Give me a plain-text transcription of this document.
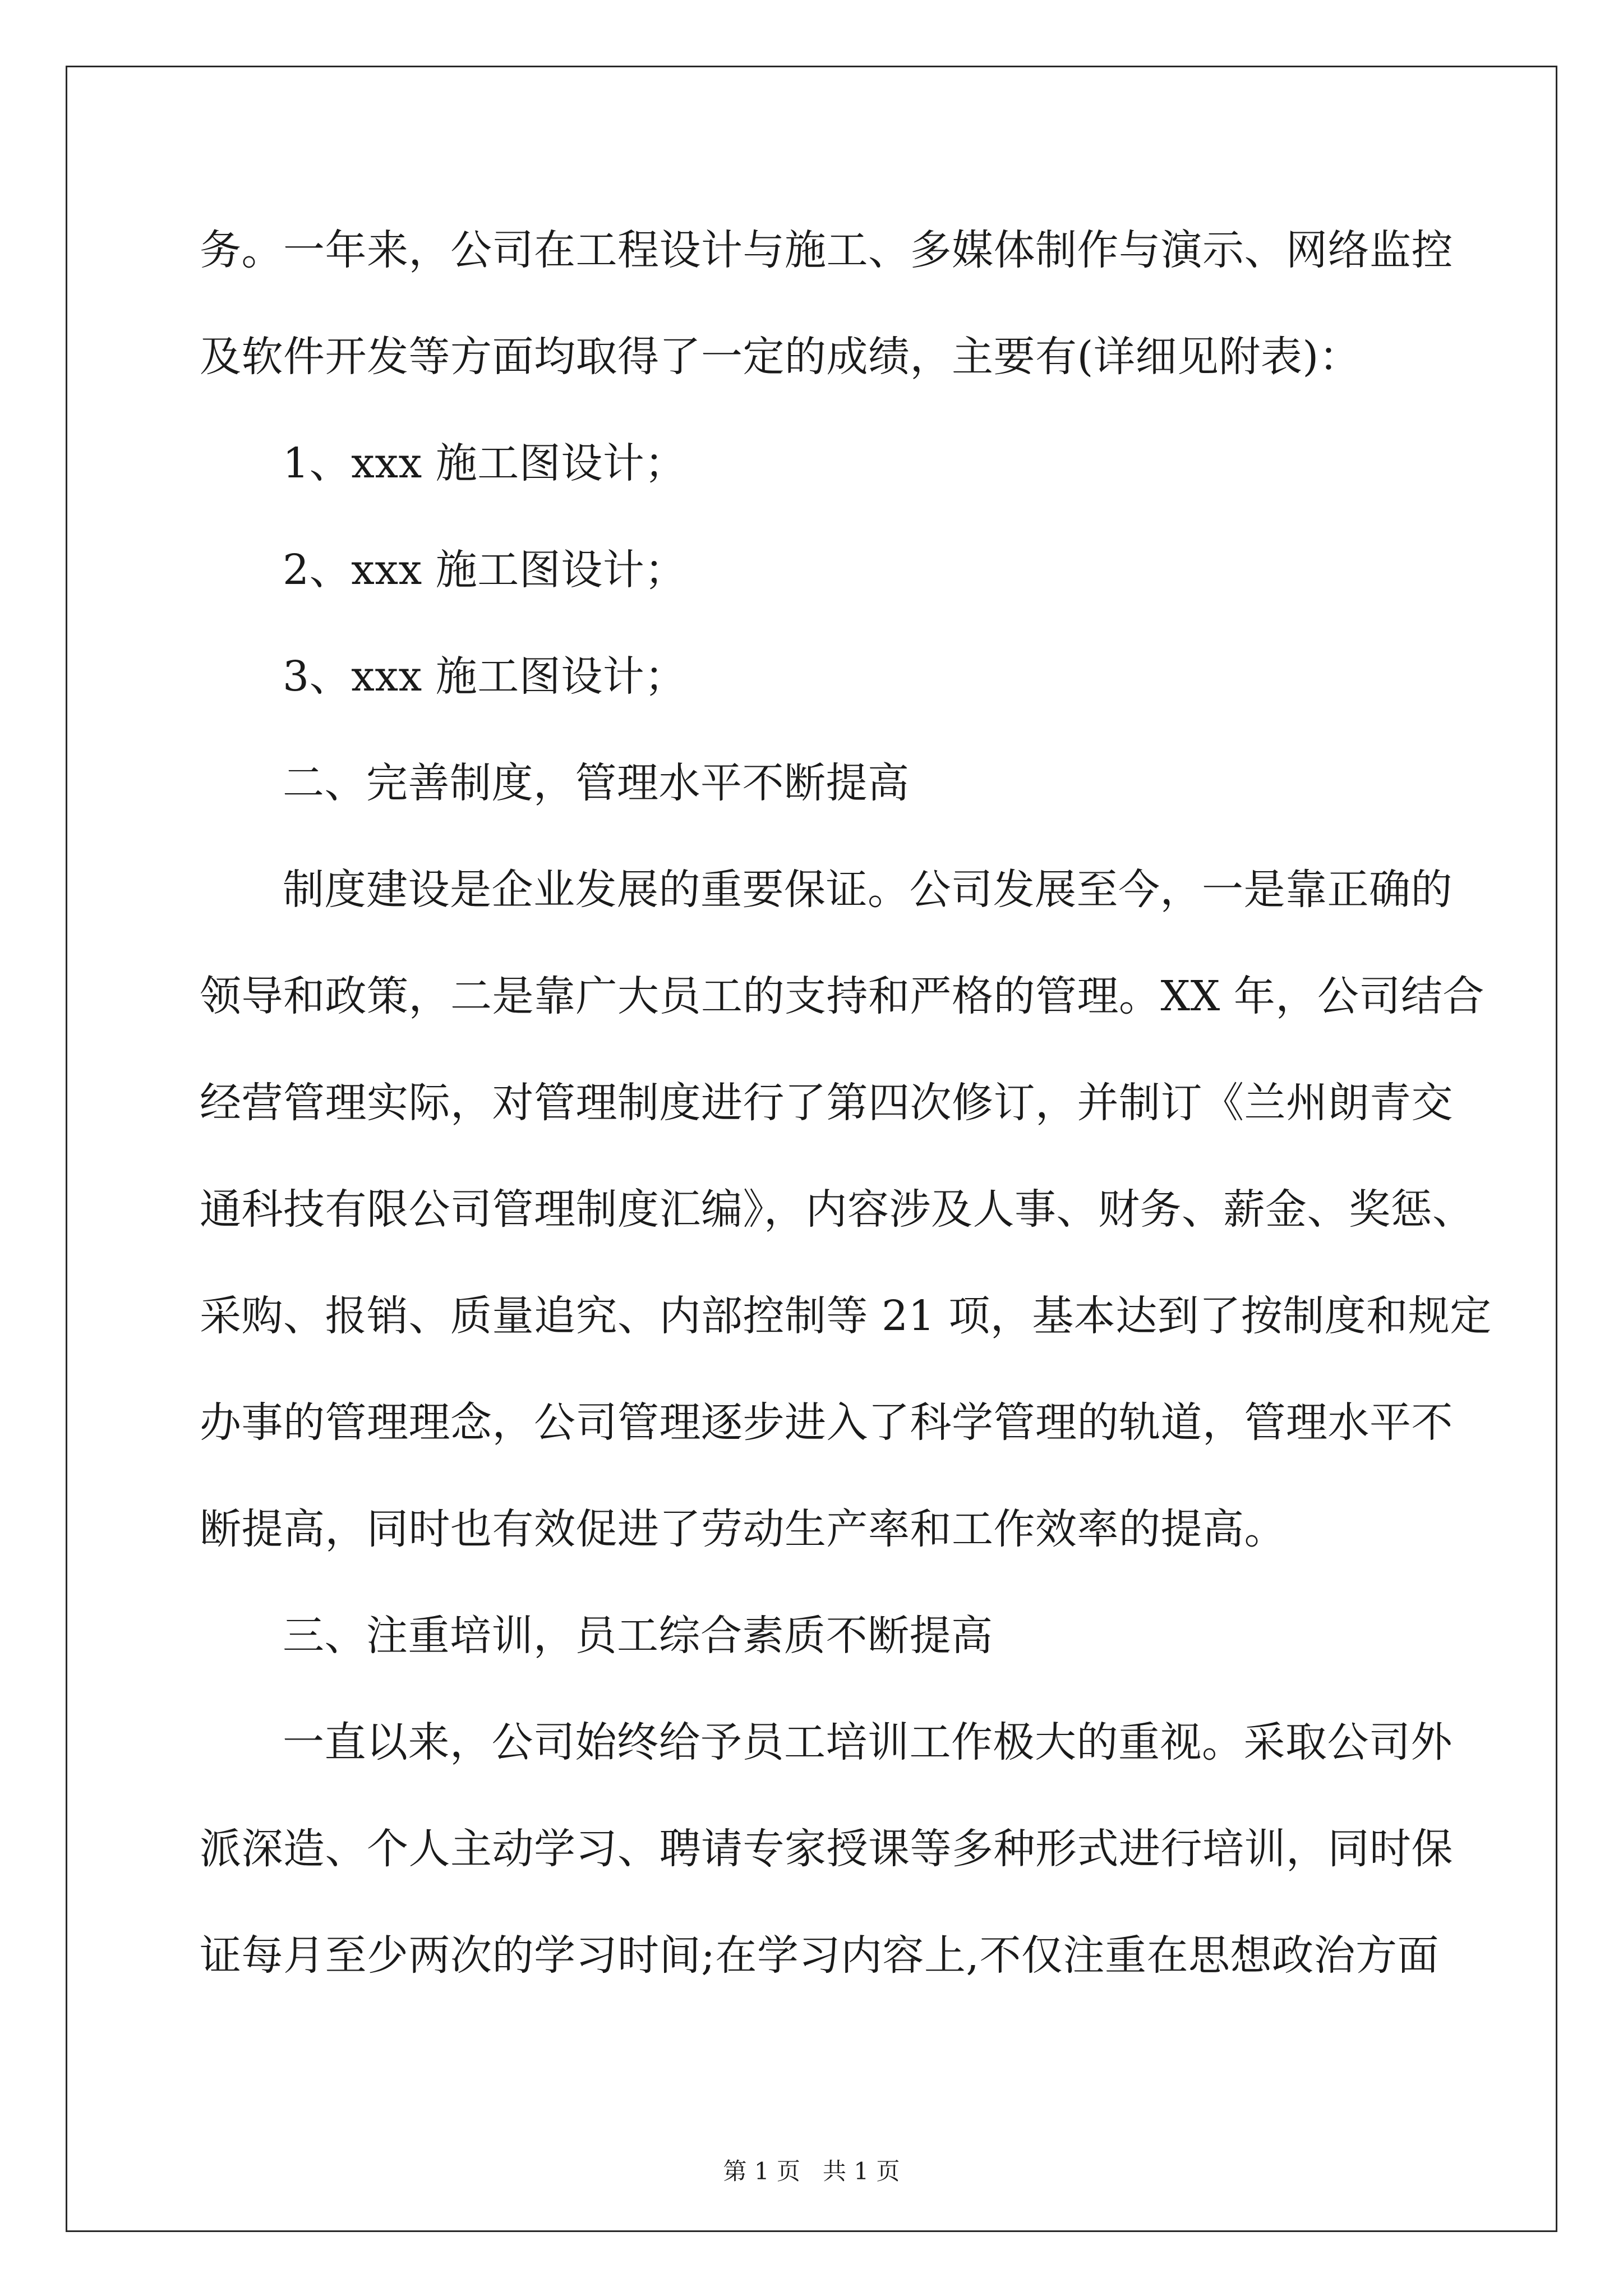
务。一年来，公司在工程设计与施工、多媒体制作与演示、网络监控
及软件开发等方面均取得了一定的成绩，主要有(详细见附表)：
1、xxx 施工图设计；
2、xxx 施工图设计；
3、xxx 施工图设计；
二、完善制度，管理水平不断提高
制度建设是企业发展的重要保证。公司发展至今，一是靠正确的
领导和政策，二是靠广大员工的支持和严格的管理。XX 年，公司结合
经营管理实际，对管理制度进行了第四次修订，并制订《兰州朗青交
通科技有限公司管理制度汇编》，内容涉及人事、财务、薪金、奖惩、
采购、报销、质量追究、内部控制等 21 项，基本达到了按制度和规定
办事的管理理念，公司管理逐步进入了科学管理的轨道，管理水平不
断提高，同时也有效促进了劳动生产率和工作效率的提高。
三、注重培训，员工综合素质不断提高
一直以来，公司始终给予员工培训工作极大的重视。采取公司外
派深造、个人主动学习、聘请专家授课等多种形式进行培训，同时保
证每月至少两次的学习时间;在学习内容上,不仅注重在思想政治方面
第 1 页   共 1 页
